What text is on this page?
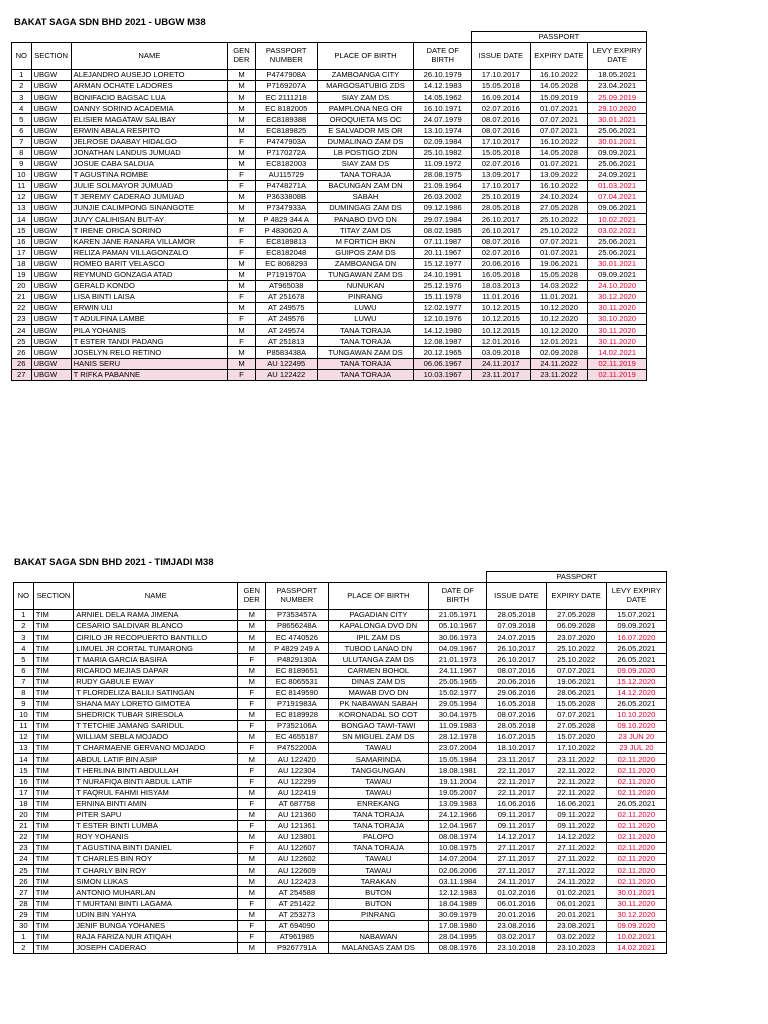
BAKAT SAGA SDN BHD 2021 - UBGW M38
							PASSPORT		
NO	SECTION	NAME	GEN DER	PASSPORT NUMBER	PLACE OF BIRTH	DATE OF BIRTH	ISSUE DATE	EXPIRY DATE	LEVY EXPIRY DATE
1	UBGW	ALEJANDRO AUSEJO LORETO	M	P4747908A	ZAMBOANGA CITY	26.10.1979	17.10.2017	16.10.2022	18.05.2021
2	UBGW	ARMAN OCHATE LADORES	M	P7169207A	MARGOSATUBIG ZDS	14.12.1983	15.05.2018	14.05.2028	23.04.2021
3	UBGW	BONIFACIO BAGSAC LUA	M	EC 2111218	SIAY ZAM DS	14.05.1962	16.09.2014	15.09.2019	25.09.2019
4	UBGW	DANNY SORINO ACADEMIA	M	EC 8182005	PAMPLONA NEG OR	16.10.1971	02.07.2016	01.07.2021	29.10.2020
5	UBGW	ELISIER MAGATAW SALIBAY	M	EC8189388	OROQUIETA MS OC	24.07.1979	08.07.2016	07.07.2021	30.01.2021
6	UBGW	ERWIN ABALA RESPITO	M	EC8189825	E SALVADOR MS OR	13.10.1974	08.07.2016	07.07.2021	25.06.2021
7	UBGW	JELROSE DAABAY HIDALGO	F	P4747903A	DUMALINAO ZAM DS	02.09.1984	17.10.2017	16.10.2022	30.01.2021
8	UBGW	JONATHAN LANDUS JUMUAD	M	P7170272A	LB POSTIGO ZDN	25.10.1982	15.05.2018	14.05.2028	09.09.2021
9	UBGW	JOSUE CABA SALDUA	M	EC8182003	SIAY ZAM DS	11.09.1972	02.07.2016	01.07.2021	25.06.2021
10	UBGW	T AGUSTINA ROMBE	F	AU115729	TANA TORAJA	28.08.1975	13.09.2017	13.09.2022	24.09.2021
11	UBGW	JULIE SOLMAYOR JUMUAD	F	P4748271A	BACUNGAN ZAM DN	21.09.1964	17.10.2017	16.10.2022	01.03.2021
12	UBGW	T JEREMY CADERAO JUMUAD	M	P3633808B	SABAH	26.03.2002	25.10.2019	24.10.2024	07.04.2021
13	UBGW	JUNJIE CALIMPONG SINANGOTE	M	P7347933A	DUMINGAG ZAM DS	09.12.1986	28.05.2018	27.05.2028	09.06.2021
14	UBGW	JUVY CALIHISAN BUT-AY	M	P 4829 344 A	PANABO DVO DN	29.07.1984	26.10.2017	25.10.2022	10.02.2021
15	UBGW	T IRENE ORICA SORINO	F	P 4830620 A	TITAY ZAM DS	08.02.1985	26.10.2017	25.10.2022	03.02.2021
16	UBGW	KAREN JANE RANARA VILLAMOR	F	EC8189813	M FORTICH BKN	07.11.1987	08.07.2016	07.07.2021	25.06.2021
17	UBGW	RELIZA PAMAN VILLAGONZALO	F	EC8182048	GUIPOS ZAM DS	20.11.1967	02.07.2016	01.07.2021	25.06.2021
18	UBGW	ROMEO BARIT VELASCO	M	EC 8068293	ZAMBOANGA DN	15.12.1977	20.06.2016	19.06.2021	30.01.2021
19	UBGW	REYMUND GONZAGA ATAD	M	P7191970A	TUNGAWAN ZAM DS	24.10.1991	16.05.2018	15.05.2028	09.09.2021
20	UBGW	GERALD KONDO	M	AT965038	NUNUKAN	25.12.1976	18.03.2013	14.03.2022	24.10.2020
21	UBGW	LISA BINTI LAISA	F	AT 251678	PINRANG	15.11.1978	11.01.2016	11.01.2021	30.12.2020
22	UBGW	ERWIN ULI	M	AT 249575	LUWU	12.02.1977	10.12.2015	10.12.2020	30.11.2020
23	UBGW	T ADULFINA LAMBE	F	AT 249576	LUWU	12.10.1976	10.12.2015	10.12.2020	30.10.2020
24	UBGW	PILA YOHANIS	M	AT 249574	TANA TORAJA	14.12.1980	10.12.2015	10.12.2020	30.11.2020
25	UBGW	T ESTER TANDI PADANG	F	AT 251813	TANA TORAJA	12.08.1987	12.01.2016	12.01.2021	30.11.2020
26	UBGW	JOSELYN RELO RETINO	M	P8583438A	TUNGAWAN ZAM DS	20.12.1965	03.09.2018	02.09.2028	14.02.2021
26	UBGW	HANIS SERU	M	AU 122495	TANA TORAJA	06.06.1967	24.11.2017	24.11.2022	02.11.2019
27	UBGW	T RIFKA PABANNE	F	AU 122422	TANA TORAJA	10.03.1967	23.11.2017	23.11.2022	02.11.2019
BAKAT SAGA SDN BHD 2021 - TIMJADI M38
							PASSPORT		
NO	SECTION	NAME	GEN DER	PASSPORT NUMBER	PLACE OF BIRTH	DATE OF BIRTH	ISSUE DATE	EXPIRY DATE	LEVY EXPIRY DATE
1	TIM	ARNIEL DELA RAMA JIMENA	M	P7353457A	PAGADIAN CITY	21.05.1971	28.05.2018	27.05.2028	15.07.2021
2	TIM	CESARIO SALDIVAR BLANCO	M	P8656248A	KAPALONGA DVO DN	05.10.1967	07.09.2018	06.09.2028	09.09.2021
3	TIM	CIRILO JR RECOPUERTO BANTILLO	M	EC 4740526	IPIL ZAM DS	30.06.1973	24.07.2015	23.07.2020	16.07.2020
4	TIM	LIMUEL JR CORTAL TUMARONG	M	P 4829 249 A	TUBOD LANAO DN	04.09.1967	26.10.2017	25.10.2022	26.05.2021
5	TIM	T MARIA GARCIA BASIRA	F	P4829130A	ULUTANGA ZAM DS	21.01.1973	26.10.2017	25.10.2022	26.05.2021
6	TIM	RICARDO MEJIAS DAPAR	M	EC 8189651	CARMEN BOHOL	24.11.1967	08.07.2016	07.07.2021	09.09.2020
7	TIM	RUDY GABULE EWAY	M	EC 8065531	DINAS ZAM DS	25.05.1965	20.06.2016	19.06.2021	15.12.2020
8	TIM	T FLORDELIZA BALILI SATINGAN	F	EC 8149590	MAWAB DVO DN	15.02.1977	29.06.2016	28.06.2021	14.12.2020
9	TIM	SHANA MAY LORETO GIMOTEA	F	P7191983A	PK NABAWAN SABAH	29.05.1994	16.05.2018	15.05.2028	26.05.2021
10	TIM	SHEDRICK TUBAR SIRESOLA	M	EC 8189928	KORONADAL SO COT	30.04.1975	08.07.2016	07.07.2021	10.10.2020
11	TIM	T TETCHIE JAMANG SARIDUL	F	P7352106A	BONGAO TAWI-TAWI	11.09.1983	28.05.2018	27.05.2028	09.10.2020
12	TIM	WILLIAM SEBLA MOJADO	M	EC 4655187	SN MIGUEL ZAM DS	28.12.1978	16.07.2015	15.07.2020	23 JUN 20
13	TIM	T CHARMAENE GERVANO MOJADO	F	P4752200A	TAWAU	23.07.2004	18.10.2017	17.10.2022	23 JUL 20
14	TIM	ABDUL LATIF BIN ASIP	M	AU 122420	SAMARINDA	15.05.1984	23.11.2017	23.11.2022	02.11.2020
15	TIM	T HERLINA BINTI ABDULLAH	F	AU 122304	TANGGUNGAN	18.08.1981	22.11.2017	22.11.2022	02.11.2020
16	TIM	T NURAFIQA BINTI ABDUL LATIF	F	AU 122299	TAWAU	19.11.2004	22.11.2017	22.11.2022	02.11.2020
17	TIM	T FAQRUL FAHMI HISYAM	M	AU 122419	TAWAU	19.05.2007	22.11.2017	22.11.2022	02.11.2020
18	TIM	ERNINA BINTI AMIN	F	AT 687758	ENREKANG	13.09.1983	16.06.2016	16.06.2021	26.05.2021
20	TIM	PITER SAPU	M	AU 121360	TANA TORAJA	24.12.1966	09.11.2017	09.11.2022	02.11.2020
21	TIM	T ESTER BINTI LUMBA	F	AU 121361	TANA TORAJA	12.04.1967	09.11.2017	09.11.2022	02.11.2020
22	TIM	ROY YOHANIS	M	AU 123801	PALOPO	08.08.1974	14.12.2017	14.12.2022	02.11.2020
23	TIM	T AGUSTINA BINTI DANIEL	F	AU 122607	TANA TORAJA	10.08.1975	27.11.2017	27.11.2022	02.11.2020
24	TIM	T CHARLES BIN ROY	M	AU 122602	TAWAU	14.07.2004	27.11.2017	27.11.2022	02.11.2020
25	TIM	T CHARLY BIN ROY	M	AU 122609	TAWAU	02.06.2006	27.11.2017	27.11.2022	02.11.2020
26	TIM	SIMON LUKAS	M	AU 122423	TARAKAN	03.11.1984	24.11.2017	24.11.2022	02.11.2020
27	TIM	ANTONIO MUHARLAN	M	AT 254588	BUTON	12.12.1983	01.02.2016	01.02.2021	30.01.2021
28	TIM	T MURTANI BINTI LAGAMA	F	AT 251422	BUTON	18.04.1989	06.01.2016	06.01.2021	30.11.2020
29	TIM	UDIN BIN YAHYA	M	AT 253273	PINRANG	30.09.1979	20.01.2016	20.01.2021	30.12.2020
30	TIM	JENIF BUNGA YOHANES	F	AT 694090		17.08.1980	23.08.2016	23.08.2021	09.09.2020
1	TIM	RAJA FARIZA NUR ATIQAH	F	AT961985	NABAWAN	28.04.1995	03.02.2017	03.02.2022	10.02.2021
2	TIM	JOSEPH CADERAO	M	P9267791A	MALANGAS ZAM DS	08.08.1976	23.10.2018	23.10.2023	14.02.2021
